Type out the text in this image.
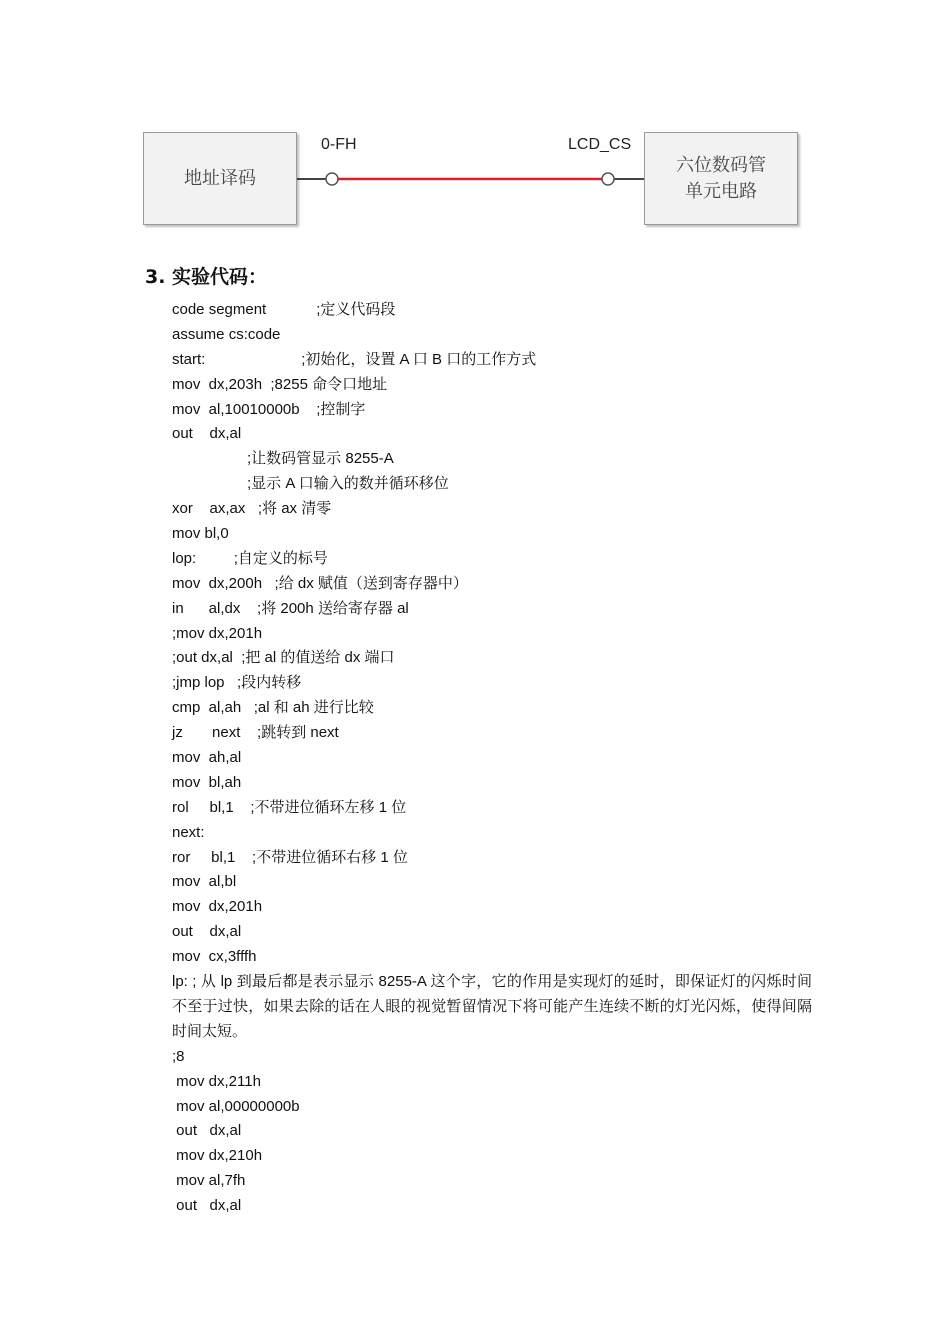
地址译码
六位数码管
单元电路
0-FH	LCD_CS
3. 实验代码：
code segment            ;定义代码段
assume cs:code
start:                       ;初始化，设置 A 口 B 口的工作方式
mov  dx,203h  ;8255 命令口地址
mov  al,10010000b    ;控制字
out    dx,al
;让数码管显示 8255-A
;显示 A 口输入的数并循环移位
xor    ax,ax   ;将 ax 清零
mov bl,0
lop:         ;自定义的标号
mov  dx,200h   ;给 dx 赋值（送到寄存器中）
in      al,dx    ;将 200h 送给寄存器 al
;mov dx,201h
;out dx,al  ;把 al 的值送给 dx 端口
;jmp lop   ;段内转移
cmp  al,ah   ;al 和 ah 进行比较
jz       next    ;跳转到 next
mov  ah,al
mov  bl,ah
rol     bl,1    ;不带进位循环左移 1 位
next:
ror     bl,1    ;不带进位循环右移 1 位
mov  al,bl
mov  dx,201h
out    dx,al
mov  cx,3fffh
lp: ; 从 lp 到最后都是表示显示 8255-A 这个字，它的作用是实现灯的延时，即保证灯的闪烁时间不至于过快，如果去除的话在人眼的视觉暂留情况下将可能产生连续不断的灯光闪烁，使得间隔时间太短。
;8
mov dx,211h
mov al,00000000b
out   dx,al
mov dx,210h
mov al,7fh
out   dx,al
